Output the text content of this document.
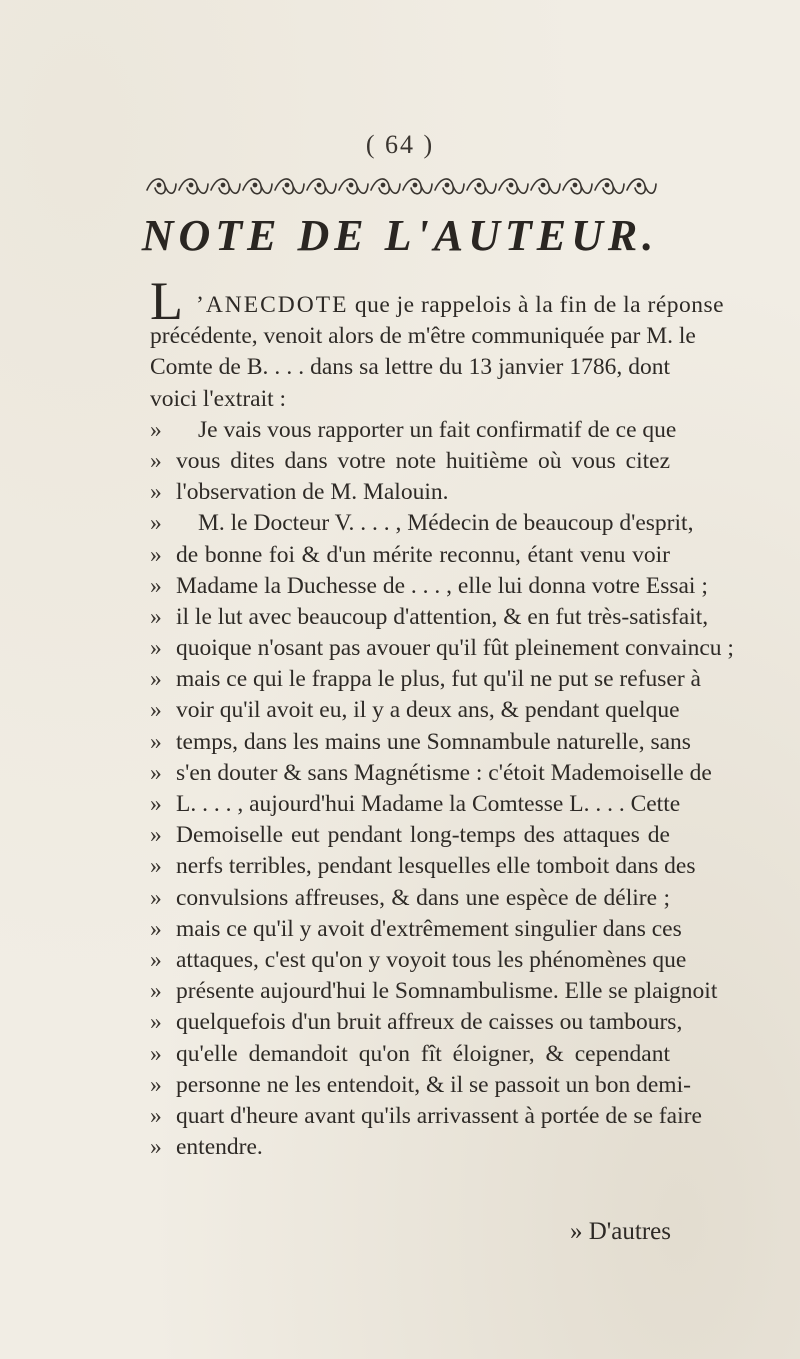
( 64 )
NOTE DE L'AUTEUR.
L ’ANECDOTE que je rappelois à la fin de la réponse
précédente, venoit alors de m'être communiquée par M. le
Comte de B. . . . dans sa lettre du 13 janvier 1786, dont
voici l'extrait :
»	Je vais vous rapporter un fait confirmatif de ce que
» vous dites dans votre note huitième où vous citez
» l'observation de M. Malouin.
»	M. le Docteur V. . . . , Médecin de beaucoup d'esprit,
» de bonne foi & d'un mérite reconnu, étant venu voir
» Madame la Duchesse de . . . , elle lui donna votre Essai ;
» il le lut avec beaucoup d'attention, & en fut très-satisfait,
» quoique n'osant pas avouer qu'il fût pleinement convaincu ;
» mais ce qui le frappa le plus, fut qu'il ne put se refuser à
» voir qu'il avoit eu, il y a deux ans, & pendant quelque
» temps, dans les mains une Somnambule naturelle, sans
» s'en douter & sans Magnétisme : c'étoit Mademoiselle de
» L. . . . , aujourd'hui Madame la Comtesse L. . . . Cette
» Demoiselle eut pendant long-temps des attaques de
» nerfs terribles, pendant lesquelles elle tomboit dans des
» convulsions affreuses, & dans une espèce de délire ;
» mais ce qu'il y avoit d'extrêmement singulier dans ces
» attaques, c'est qu'on y voyoit tous les phénomènes que
» présente aujourd'hui le Somnambulisme. Elle se plaignoit
» quelquefois d'un bruit affreux de caisses ou tambours,
» qu'elle demandoit qu'on fît éloigner, & cependant
» personne ne les entendoit, & il se passoit un bon demi-
» quart d'heure avant qu'ils arrivassent à portée de se faire
» entendre.
» D'autres
